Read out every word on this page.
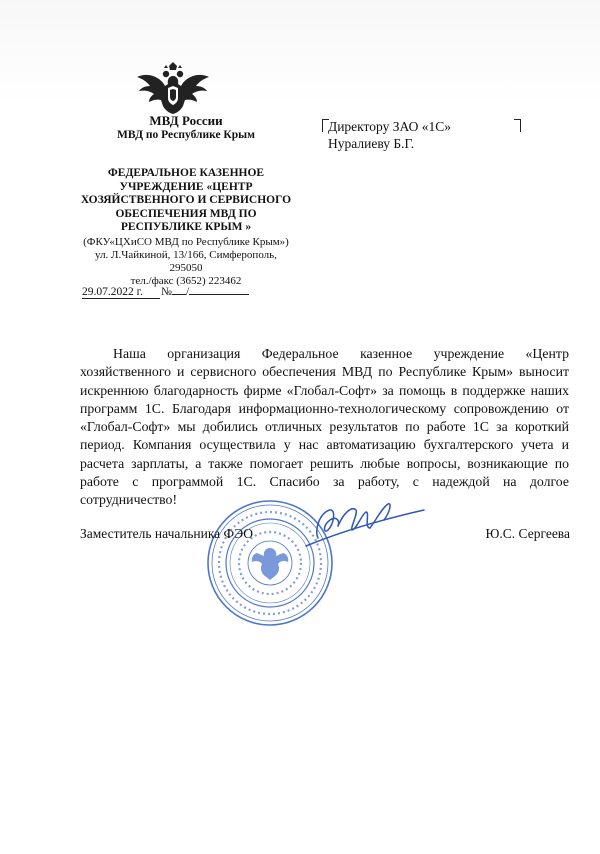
МВД России

МВД по Республике Крым

ФЕДЕРАЛЬНОЕ КАЗЕННОЕ УЧРЕЖДЕНИЕ «ЦЕНТР ХОЗЯЙСТВЕННОГО И СЕРВИСНОГО ОБЕСПЕЧЕНИЯ МВД ПО РЕСПУБЛИКЕ КРЫМ »
(ФКУ«ЦХиСО МВД по Республике Крым»)
ул. Л.Чайкиной, 13/166, Симферополь, 295050
тел./факс (3652) 223462
29.07.2022 г. № /
Директору ЗАО «1С»
Нуралиеву Б.Г.
Наша организация Федеральное казенное учреждение «Центр хозяйственного и сервисного обеспечения МВД по Республике Крым» выносит искреннюю благодарность фирме «Глобал-Софт» за помощь в поддержке наших программ 1С. Благодаря информационно-технологическому сопровождению от «Глобал-Софт» мы добились отличных результатов по работе 1С за короткий период. Компания осуществила у нас автоматизацию бухгалтерского учета и расчета зарплаты, а также помогает решить любые вопросы, возникающие по работе с программой 1С. Спасибо за работу, с надеждой на долгое сотрудничество!
Заместитель начальника ФЭО	Ю.С. Сергеева
